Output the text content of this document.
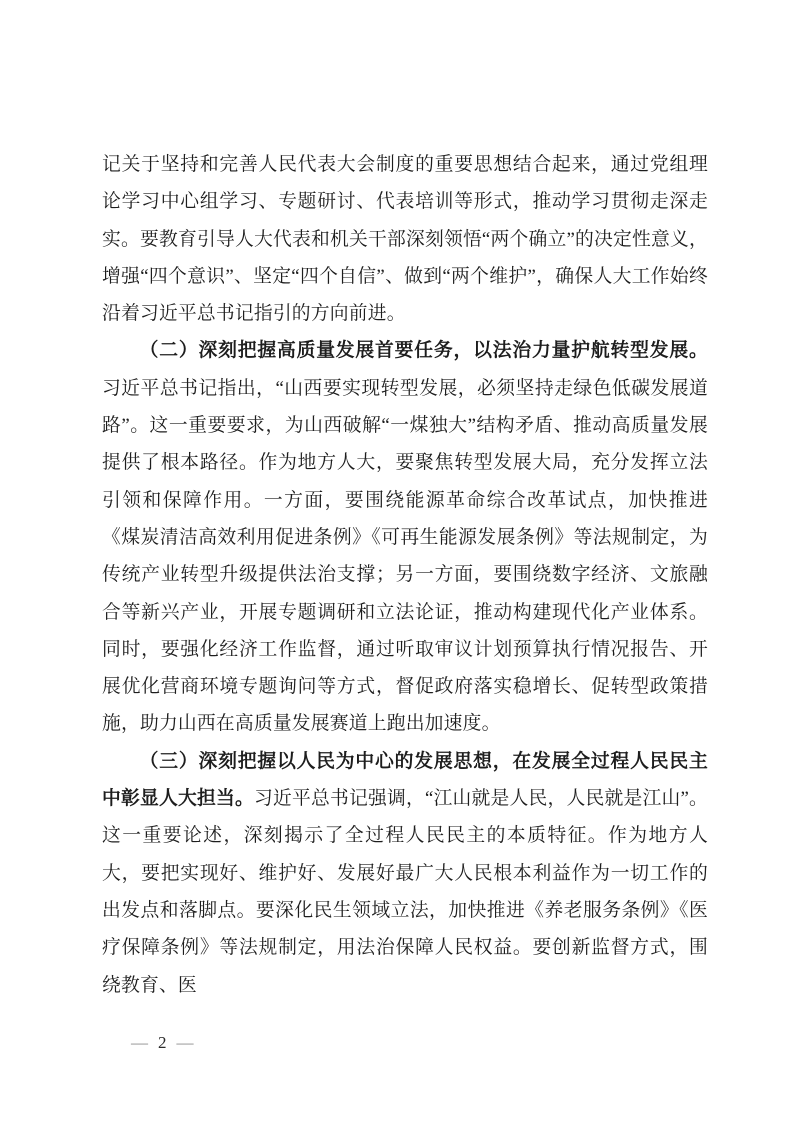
记关于坚持和完善人民代表大会制度的重要思想结合起来，通过党组理论学习中心组学习、专题研讨、代表培训等形式，推动学习贯彻走深走实。要教育引导人大代表和机关干部深刻领悟“两个确立”的决定性意义，增强“四个意识”、坚定“四个自信”、做到“两个维护”，确保人大工作始终沿着习近平总书记指引的方向前进。

（二）深刻把握高质量发展首要任务，以法治力量护航转型发展。习近平总书记指出，“山西要实现转型发展，必须坚持走绿色低碳发展道路”。这一重要要求，为山西破解“一煤独大”结构矛盾、推动高质量发展提供了根本路径。作为地方人大，要聚焦转型发展大局，充分发挥立法引领和保障作用。一方面，要围绕能源革命综合改革试点，加快推进《煤炭清洁高效利用促进条例》《可再生能源发展条例》等法规制定，为传统产业转型升级提供法治支撑；另一方面，要围绕数字经济、文旅融合等新兴产业，开展专题调研和立法论证，推动构建现代化产业体系。同时，要强化经济工作监督，通过听取审议计划预算执行情况报告、开展优化营商环境专题询问等方式，督促政府落实稳增长、促转型政策措施，助力山西在高质量发展赛道上跑出加速度。

（三）深刻把握以人民为中心的发展思想，在发展全过程人民民主中彰显人大担当。习近平总书记强调，“江山就是人民，人民就是江山”。这一重要论述，深刻揭示了全过程人民民主的本质特征。作为地方人大，要把实现好、维护好、发展好最广大人民根本利益作为一切工作的出发点和落脚点。要深化民生领域立法，加快推进《养老服务条例》《医疗保障条例》等法规制定，用法治保障人民权益。要创新监督方式，围绕教育、医

— 2 —
